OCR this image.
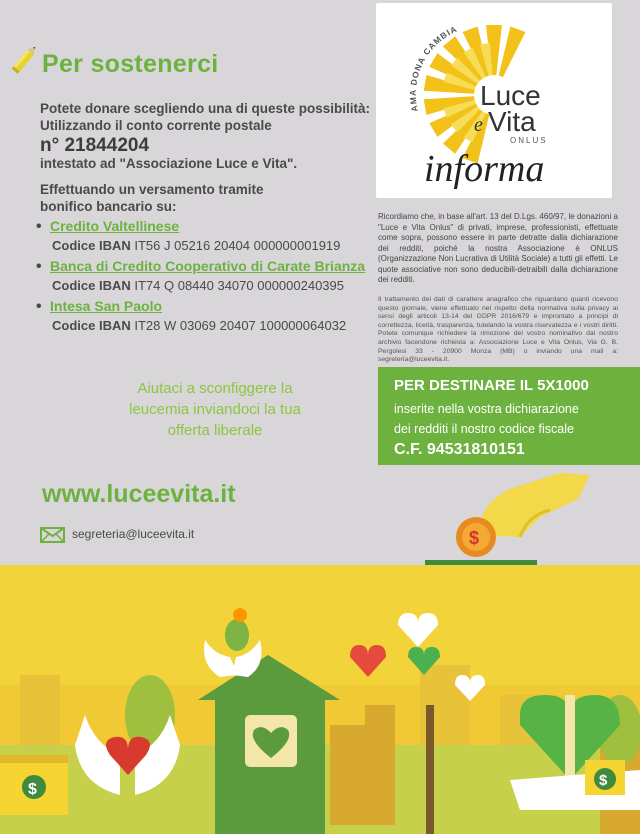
Per sostenerci
Potete donare scegliendo una di queste possibilità:
Utilizzando il conto corrente postale
n° 21844204
intestato ad "Associazione Luce e Vita".
Effettuando un versamento tramite
bonifico bancario su:
• Credito Valtellinese
Codice IBAN IT56 J 05216 20404 000000001919
• Banca di Credito Cooperativo di Carate Brianza
Codice IBAN IT74 Q 08440 34070 000000240395
• Intesa San Paolo
Codice IBAN IT28 W 03069 20407 100000064032
Aiutaci a sconfiggere la
leucemia inviandoci la tua
offerta liberale
www.luceevita.it
segreteria@luceevita.it
AMA DONA CAMBIA
Luce
e Vita
ONLUS
informa
Ricordiamo che, in base all'art. 13 del D.Lgs. 460/97, le donazioni a "Luce e Vita Onlus" di privati, imprese, professionisti, effettuate come sopra, possono essere in parte detratte dalla dichiarazione dei redditi, poiché la nostra Associazione è ONLUS (Organizzazione Non Lucrativa di Utilità Sociale) a tutti gli effetti. Le quote associative non sono deducibili-detraibili dalla dichiarazione dei redditi.
Il trattamento dei dati di carattere anagrafico che riguardano quanti ricevono questo giornale, viene effettuato nel rispetto della normativa sulla privacy ai sensi degli articoli 13-14 del GDPR 2016/679 e improntato a principi di correttezza, liceità, trasparenza, tutelando la vostra riservatezza e i vostri diritti. Potete comunque richiedere la rimozione del vostro nominativo dal nostro archivio facendone richiesta a: Associazione Luce e Vita Onlus, Via G. B. Pergolesi 33 - 20900 Monza (MB) o inviando una mail a: segreteria@luceevita.it.
PER DESTINARE IL 5X1000
inserite nella vostra dichiarazione
dei redditi il nostro codice fiscale
C.F. 94531810151
$
$
$
